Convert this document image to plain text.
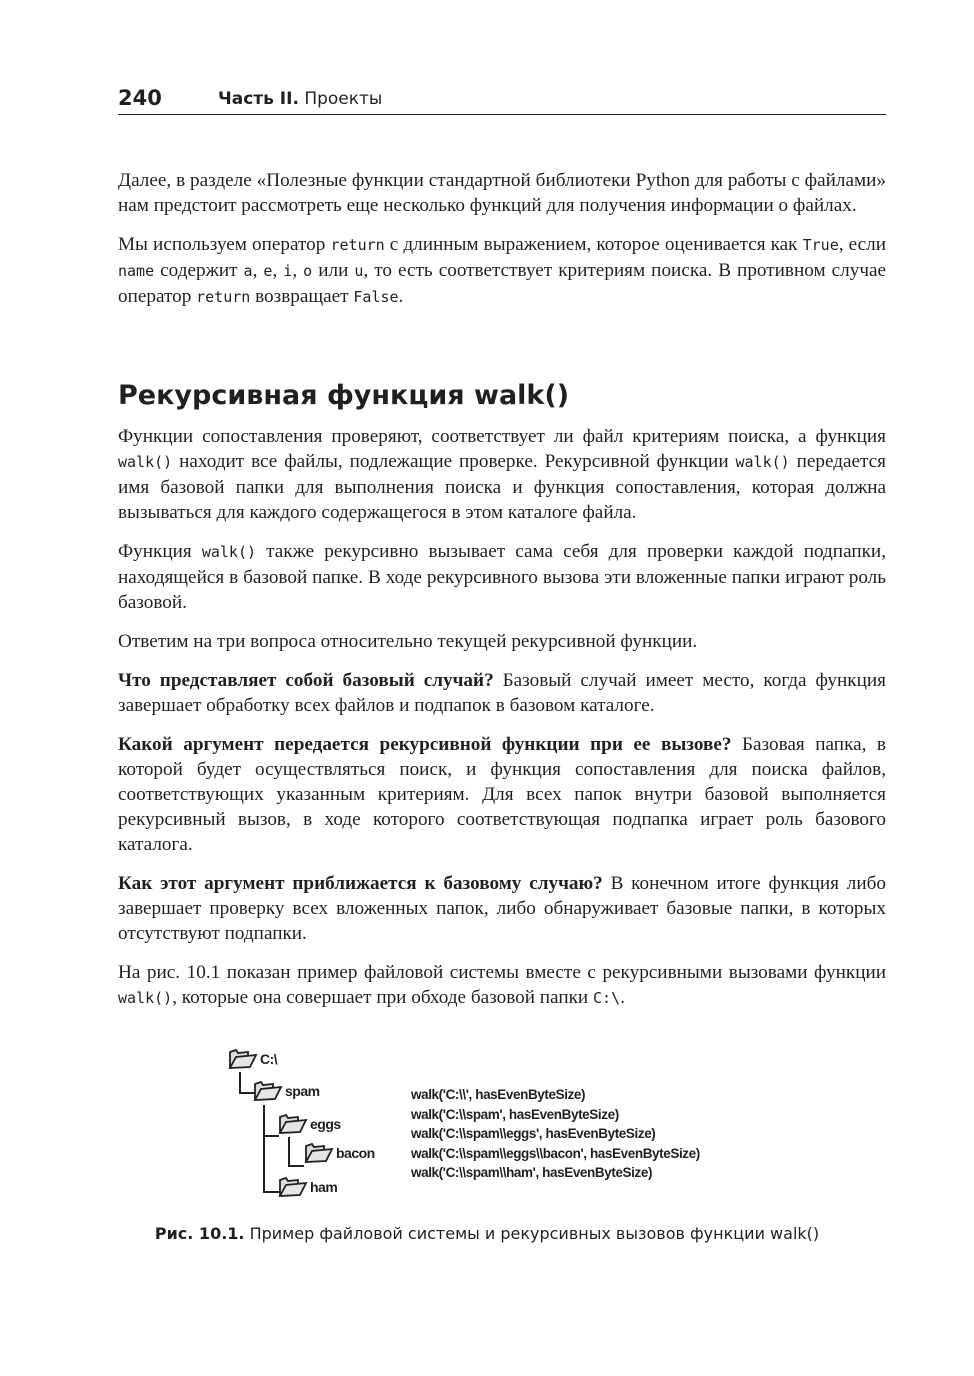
240	Часть II. Проекты

Далее, в разделе «Полезные функции стандартной библиотеки Python для работы с файлами» нам предстоит рассмотреть еще несколько функций для получения информации о файлах.

Мы используем оператор return с длинным выражением, которое оценивается как True, если name содержит a, e, i, o или u, то есть соответствует критериям поиска. В противном случае оператор return возвращает False.

Рекурсивная функция walk()

Функции сопоставления проверяют, соответствует ли файл критериям поиска, а функция walk() находит все файлы, подлежащие проверке. Рекурсивной функции walk() передается имя базовой папки для выполнения поиска и функция сопоставления, которая должна вызываться для каждого содержащегося в этом каталоге файла.

Функция walk() также рекурсивно вызывает сама себя для проверки каждой подпапки, находящейся в базовой папке. В ходе рекурсивного вызова эти вложенные папки играют роль базовой.

Ответим на три вопроса относительно текущей рекурсивной функции.

Что представляет собой базовый случай? Базовый случай имеет место, когда функция завершает обработку всех файлов и подпапок в базовом каталоге.

Какой аргумент передается рекурсивной функции при ее вызове? Базовая папка, в которой будет осуществляться поиск, и функция сопоставления для поиска файлов, соответствующих указанным критериям. Для всех папок внутри базовой выполняется рекурсивный вызов, в ходе которого соответствующая подпапка играет роль базового каталога.

Как этот аргумент приближается к базовому случаю? В конечном итоге функция либо завершает проверку всех вложенных папок, либо обнаруживает базовые папки, в которых отсутствуют подпапки.

На рис. 10.1 показан пример файловой системы вместе с рекурсивными вызовами функции walk(), которые она совершает при обходе базовой папки C:\.

C:\
spam
eggs
bacon
ham
walk('C:\\', hasEvenByteSize)
walk('C:\\spam', hasEvenByteSize)
walk('C:\\spam\\eggs', hasEvenByteSize)
walk('C:\\spam\\eggs\\bacon', hasEvenByteSize)
walk('C:\\spam\\ham', hasEvenByteSize)
Рис. 10.1. Пример файловой системы и рекурсивных вызовов функции walk()
